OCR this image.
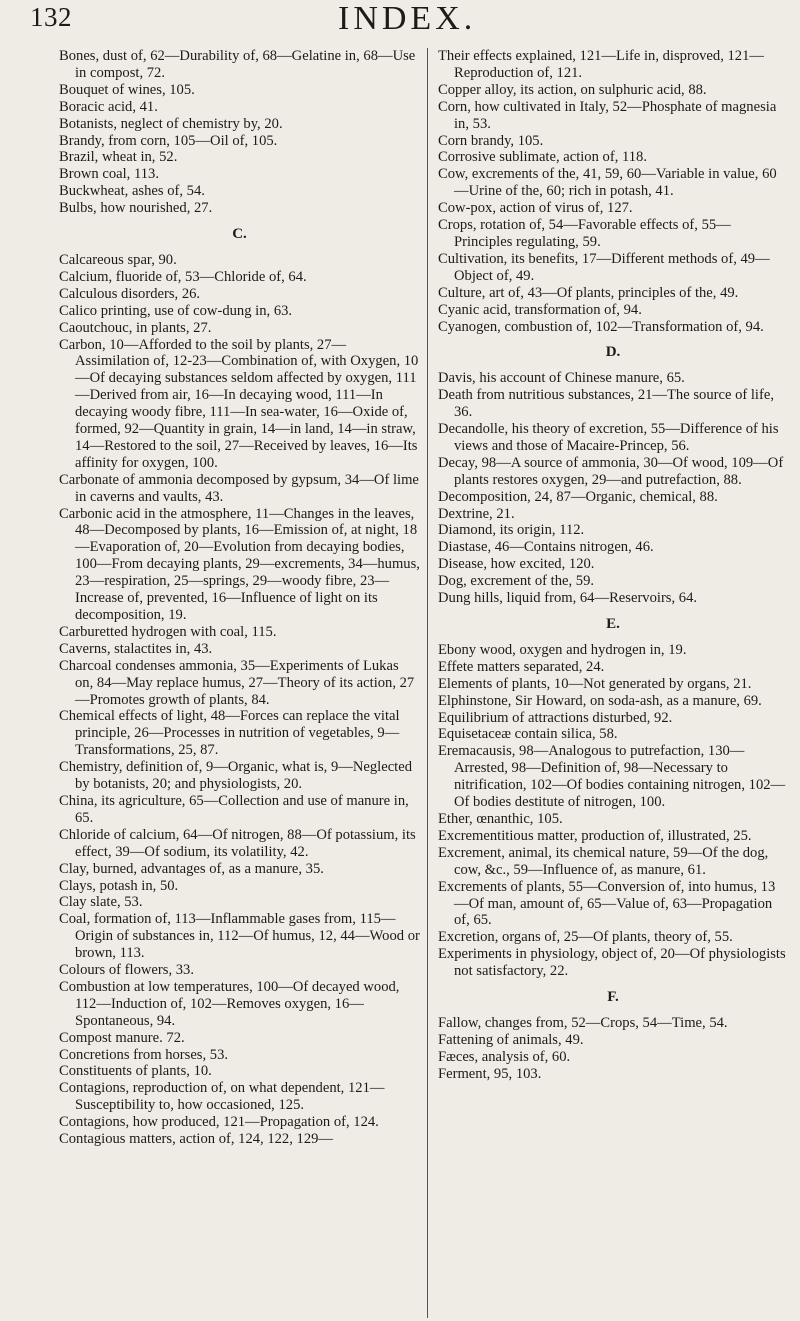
132	INDEX.

Bones, dust of, 62—Durability of, 68—Gelatine in, 68—Use in compost, 72.

Bouquet of wines, 105.

Boracic acid, 41.

Botanists, neglect of chemistry by, 20.

Brandy, from corn, 105—Oil of, 105.

Brazil, wheat in, 52.

Brown coal, 113.

Buckwheat, ashes of, 54.

Bulbs, how nourished, 27.

C.

Calcareous spar, 90.

Calcium, fluoride of, 53—Chloride of, 64.

Calculous disorders, 26.

Calico printing, use of cow-dung in, 63.

Caoutchouc, in plants, 27.

Carbon, 10—Afforded to the soil by plants, 27—Assimilation of, 12-23—Combination of, with Oxygen, 10—Of decaying substances seldom affected by oxygen, 111—Derived from air, 16—In decaying wood, 111—In decaying woody fibre, 111—In sea-water, 16—Oxide of, formed, 92—Quantity in grain, 14—in land, 14—in straw, 14—Restored to the soil, 27—Received by leaves, 16—Its affinity for oxygen, 100.

Carbonate of ammonia decomposed by gypsum, 34—Of lime in caverns and vaults, 43.

Carbonic acid in the atmosphere, 11—Changes in the leaves, 48—Decomposed by plants, 16—Emission of, at night, 18—Evaporation of, 20—Evolution from decaying bodies, 100—From decaying plants, 29—excrements, 34—humus, 23—respiration, 25—springs, 29—woody fibre, 23—Increase of, prevented, 16—Influence of light on its decomposition, 19.

Carburetted hydrogen with coal, 115.

Caverns, stalactites in, 43.

Charcoal condenses ammonia, 35—Experiments of Lukas on, 84—May replace humus, 27—Theory of its action, 27—Promotes growth of plants, 84.

Chemical effects of light, 48—Forces can replace the vital principle, 26—Processes in nutrition of vegetables, 9—Transformations, 25, 87.

Chemistry, definition of, 9—Organic, what is, 9—Neglected by botanists, 20; and physiologists, 20.

China, its agriculture, 65—Collection and use of manure in, 65.

Chloride of calcium, 64—Of nitrogen, 88—Of potassium, its effect, 39—Of sodium, its volatility, 42.

Clay, burned, advantages of, as a manure, 35.

Clays, potash in, 50.

Clay slate, 53.

Coal, formation of, 113—Inflammable gases from, 115—Origin of substances in, 112—Of humus, 12, 44—Wood or brown, 113.

Colours of flowers, 33.

Combustion at low temperatures, 100—Of decayed wood, 112—Induction of, 102—Removes oxygen, 16—Spontaneous, 94.

Compost manure. 72.

Concretions from horses, 53.

Constituents of plants, 10.

Contagions, reproduction of, on what dependent, 121—Susceptibility to, how occasioned, 125.

Contagions, how produced, 121—Propagation of, 124.

Contagious matters, action of, 124, 122, 129—

Their effects explained, 121—Life in, disproved, 121—Reproduction of, 121.

Copper alloy, its action, on sulphuric acid, 88.

Corn, how cultivated in Italy, 52—Phosphate of magnesia in, 53.

Corn brandy, 105.

Corrosive sublimate, action of, 118.

Cow, excrements of the, 41, 59, 60—Variable in value, 60—Urine of the, 60; rich in potash, 41.

Cow-pox, action of virus of, 127.

Crops, rotation of, 54—Favorable effects of, 55—Principles regulating, 59.

Cultivation, its benefits, 17—Different methods of, 49—Object of, 49.

Culture, art of, 43—Of plants, principles of the, 49.

Cyanic acid, transformation of, 94.

Cyanogen, combustion of, 102—Transformation of, 94.

D.

Davis, his account of Chinese manure, 65.

Death from nutritious substances, 21—The source of life, 36.

Decandolle, his theory of excretion, 55—Difference of his views and those of Macaire-Princep, 56.

Decay, 98—A source of ammonia, 30—Of wood, 109—Of plants restores oxygen, 29—and putrefaction, 88.

Decomposition, 24, 87—Organic, chemical, 88.

Dextrine, 21.

Diamond, its origin, 112.

Diastase, 46—Contains nitrogen, 46.

Disease, how excited, 120.

Dog, excrement of the, 59.

Dung hills, liquid from, 64—Reservoirs, 64.

E.

Ebony wood, oxygen and hydrogen in, 19.

Effete matters separated, 24.

Elements of plants, 10—Not generated by organs, 21.

Elphinstone, Sir Howard, on soda-ash, as a manure, 69.

Equilibrium of attractions disturbed, 92.

Equisetaceæ contain silica, 58.

Eremacausis, 98—Analogous to putrefaction, 130—Arrested, 98—Definition of, 98—Necessary to nitrification, 102—Of bodies containing nitrogen, 102—Of bodies destitute of nitrogen, 100.

Ether, œnanthic, 105.

Excrementitious matter, production of, illustrated, 25.

Excrement, animal, its chemical nature, 59—Of the dog, cow, &c., 59—Influence of, as manure, 61.

Excrements of plants, 55—Conversion of, into humus, 13—Of man, amount of, 65—Value of, 63—Propagation of, 65.

Excretion, organs of, 25—Of plants, theory of, 55.

Experiments in physiology, object of, 20—Of physiologists not satisfactory, 22.

F.

Fallow, changes from, 52—Crops, 54—Time, 54.

Fattening of animals, 49.

Fæces, analysis of, 60.

Ferment, 95, 103.
